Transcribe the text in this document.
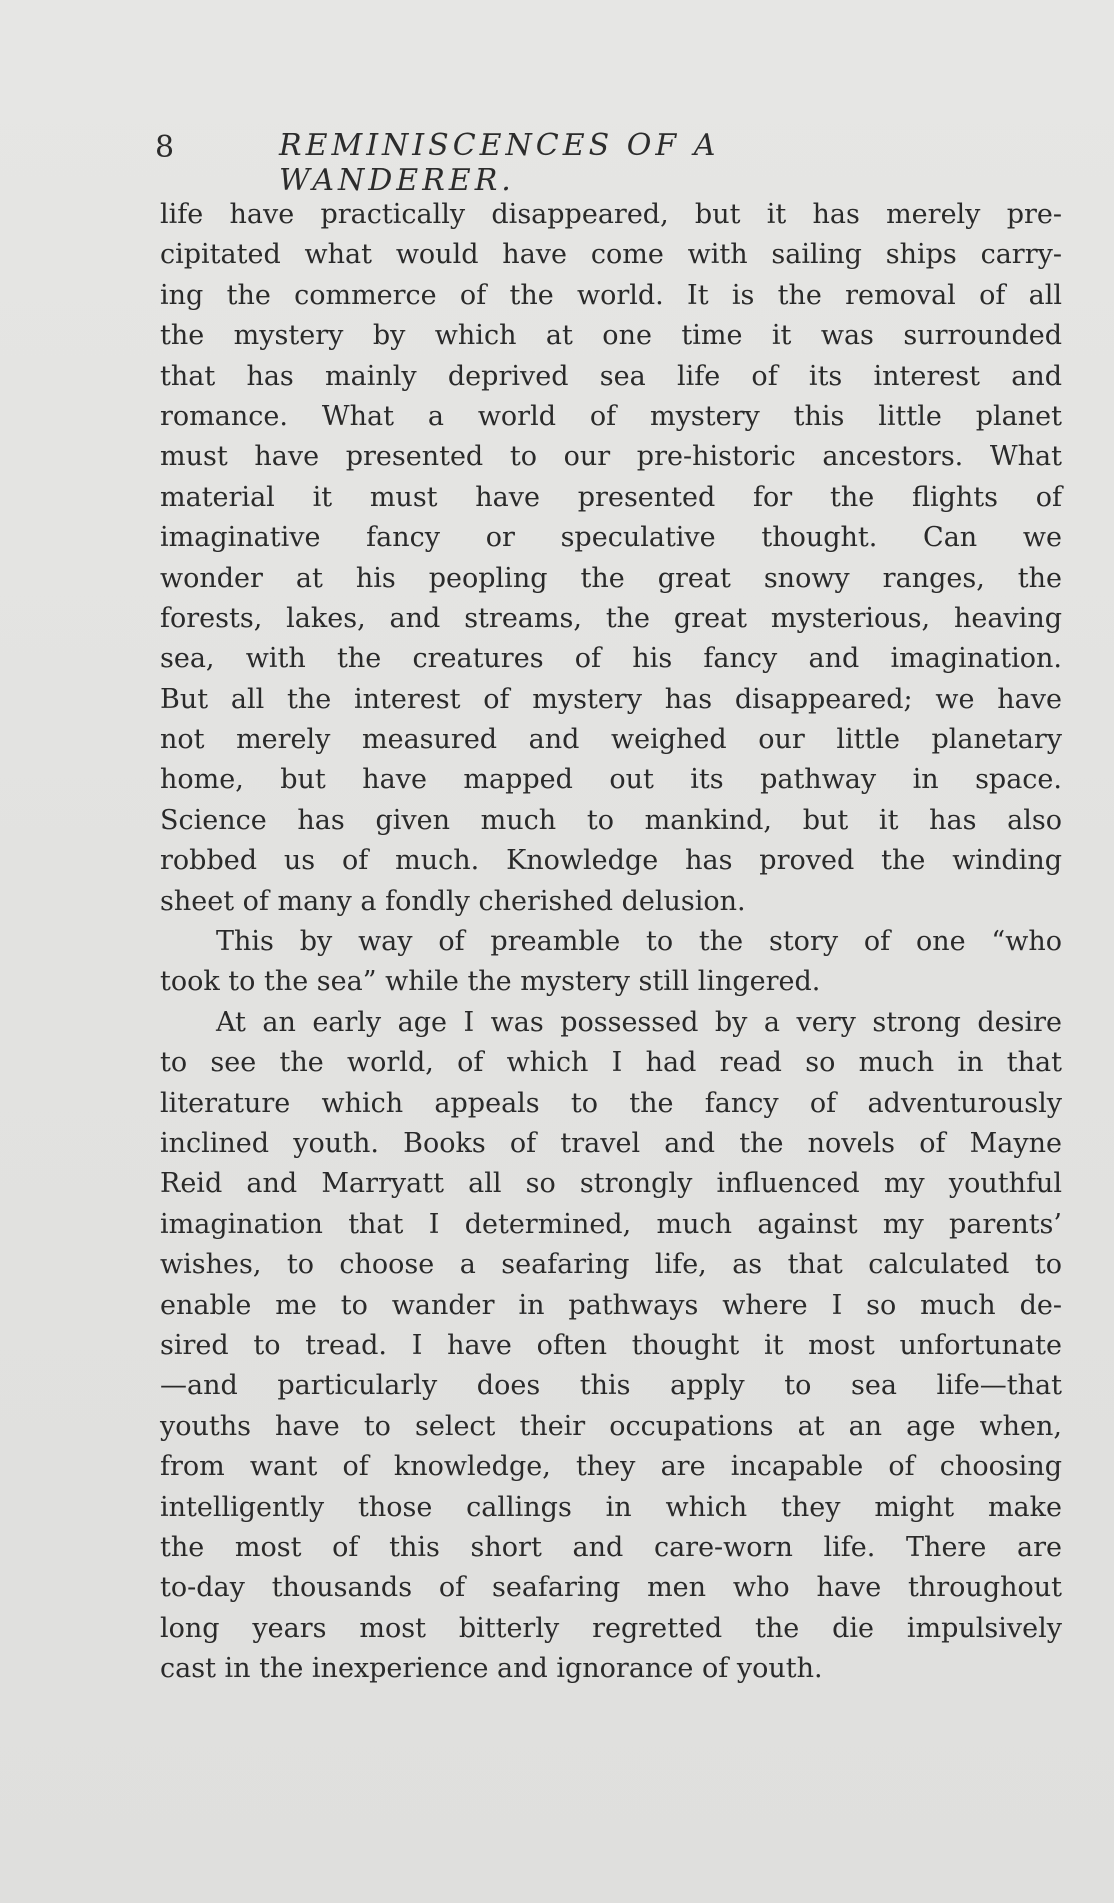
8	REMINISCENCES OF A WANDERER.
life have practically disappeared, but it has merely pre-
cipitated what would have come with sailing ships carry-
ing the commerce of the world. It is the removal of all
the mystery by which at one time it was surrounded
that has mainly deprived sea life of its interest and
romance. What a world of mystery this little planet
must have presented to our pre-historic ancestors. What
material it must have presented for the flights of
imaginative fancy or speculative thought. Can we
wonder at his peopling the great snowy ranges, the
forests, lakes, and streams, the great mysterious, heaving
sea, with the creatures of his fancy and imagination.
But all the interest of mystery has disappeared; we have
not merely measured and weighed our little planetary
home, but have mapped out its pathway in space.
Science has given much to mankind, but it has also
robbed us of much. Knowledge has proved the winding
sheet of many a fondly cherished delusion.
This by way of preamble to the story of one “who
took to the sea” while the mystery still lingered.
At an early age I was possessed by a very strong desire
to see the world, of which I had read so much in that
literature which appeals to the fancy of adventurously
inclined youth. Books of travel and the novels of Mayne
Reid and Marryatt all so strongly influenced my youthful
imagination that I determined, much against my parents’
wishes, to choose a seafaring life, as that calculated to
enable me to wander in pathways where I so much de-
sired to tread. I have often thought it most unfortunate
—and particularly does this apply to sea life—that
youths have to select their occupations at an age when,
from want of knowledge, they are incapable of choosing
intelligently those callings in which they might make
the most of this short and care-worn life. There are
to-day thousands of seafaring men who have throughout
long years most bitterly regretted the die impulsively
cast in the inexperience and ignorance of youth.
